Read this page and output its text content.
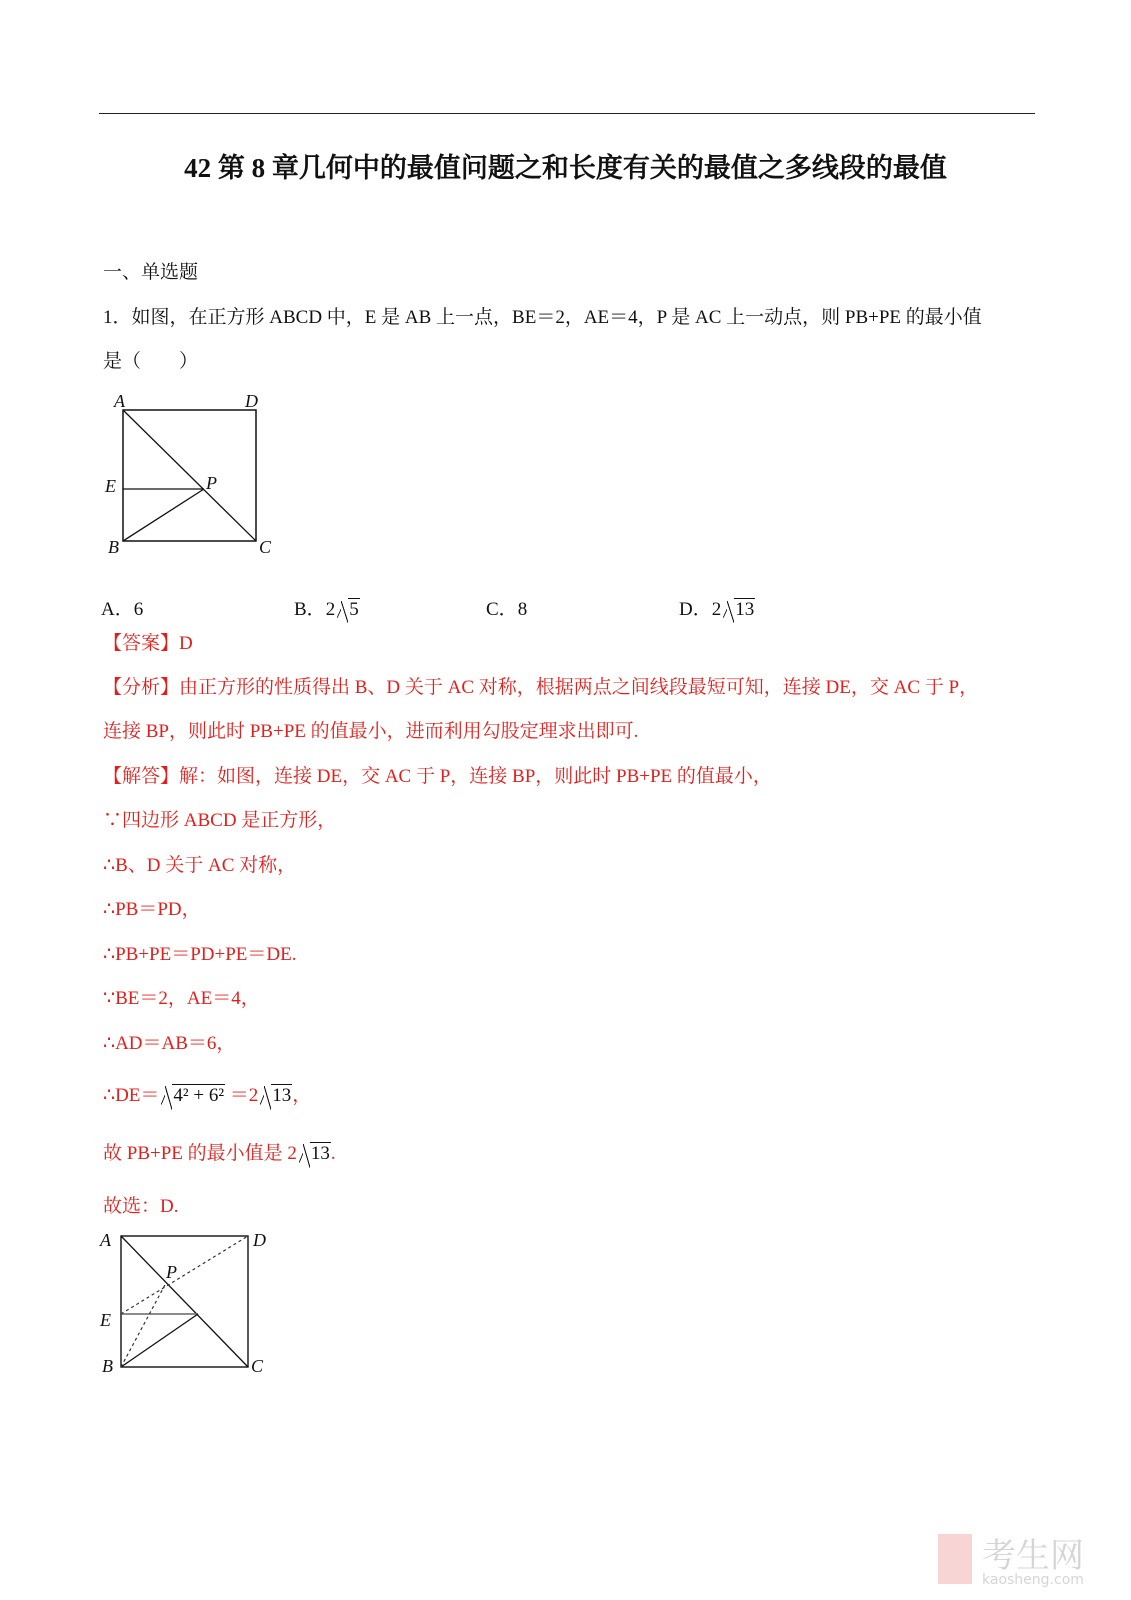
42 第 8 章几何中的最值问题之和长度有关的最值之多线段的最值
一、单选题
1．如图，在正方形 ABCD 中，E 是 AB 上一点，BE＝2，AE＝4，P 是 AC 上一动点，则 PB+PE 的最小值
是（　　）
A	D
E	P
B	C
A．6	B．2 5	C．8	D．2 13
【答案】D
【分析】由正方形的性质得出 B、D 关于 AC 对称，根据两点之间线段最短可知，连接 DE，交 AC 于 P，
连接 BP，则此时 PB+PE 的值最小，进而利用勾股定理求出即可.
【解答】解：如图，连接 DE，交 AC 于 P，连接 BP，则此时 PB+PE 的值最小，
∵四边形 ABCD 是正方形，
∴B、D 关于 AC 对称，
∴PB＝PD，
∴PB+PE＝PD+PE＝DE.
∵BE＝2，AE＝4，
∴AD＝AB＝6，
∴DE＝ 4² + 6² ＝2 13，
故 PB+PE 的最小值是 2 13.
故选：D.
A	D
P
E
B	C
考生网
kaosheng.com
